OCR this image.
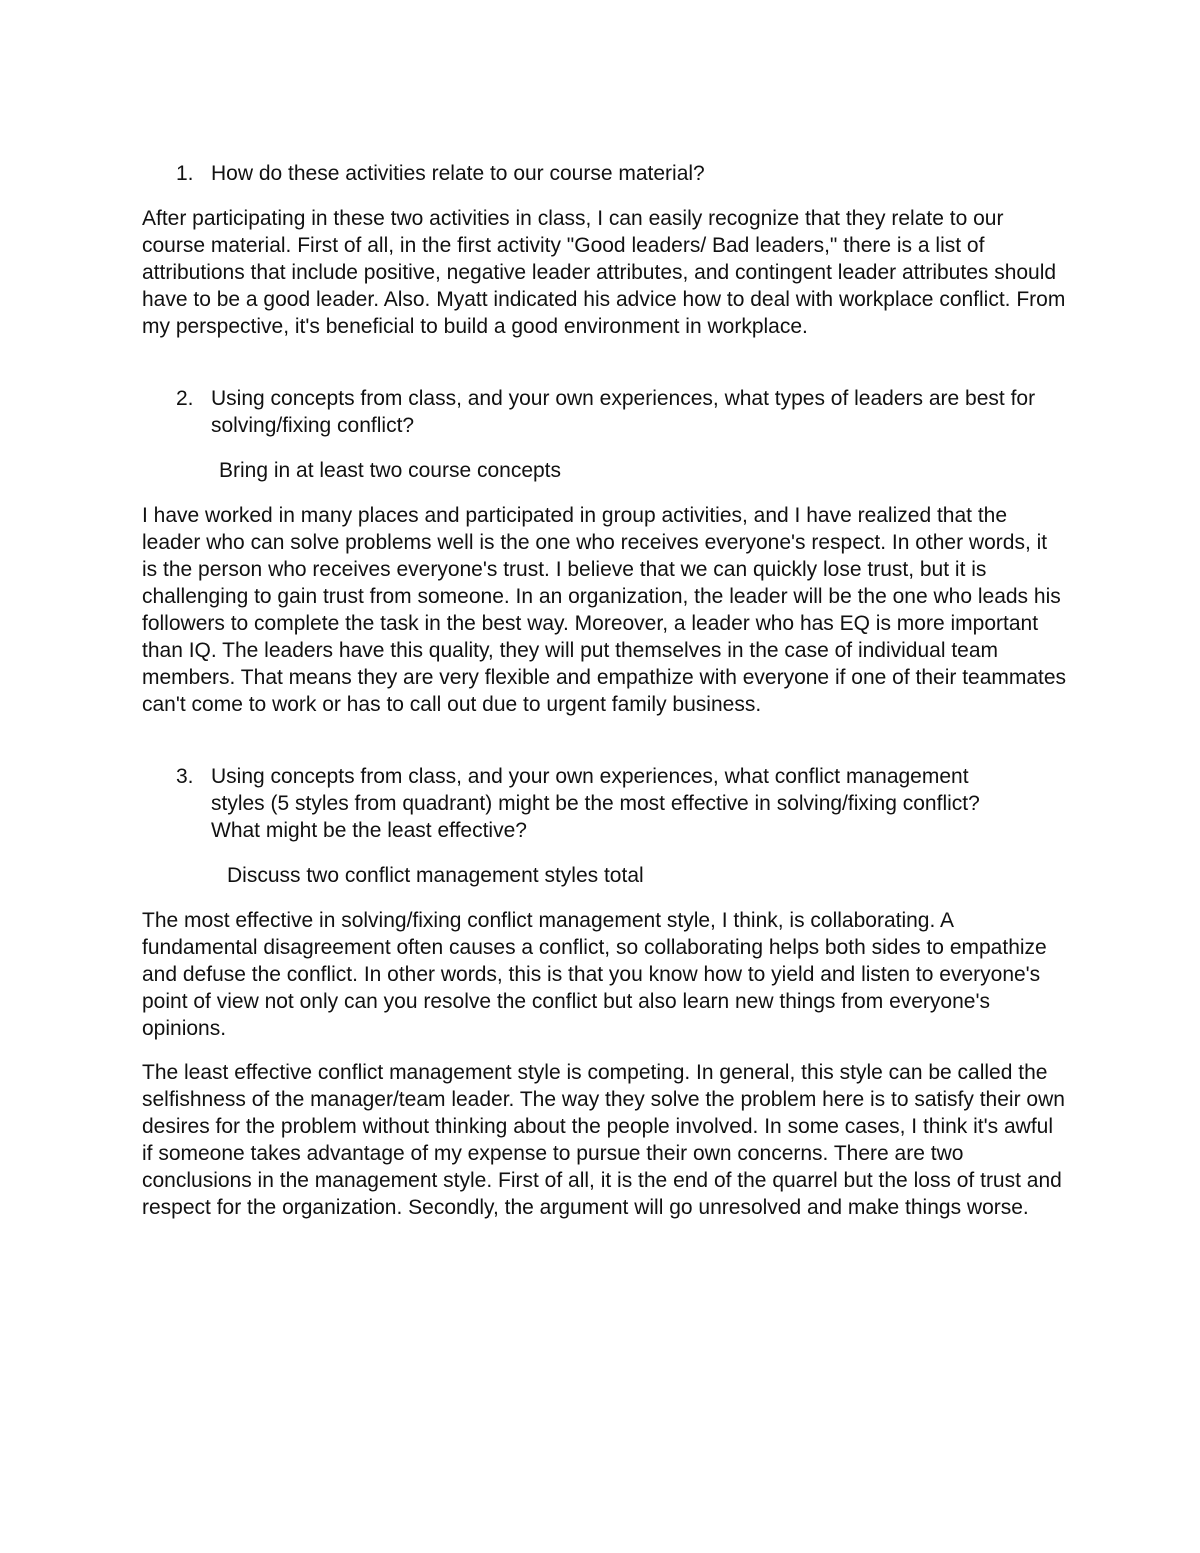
1. How do these activities relate to our course material?
After participating in these two activities in class, I can easily recognize that they relate to our course material. First of all, in the first activity "Good leaders/ Bad leaders," there is a list of attributions that include positive, negative leader attributes, and contingent leader attributes should have to be a good leader. Also. Myatt indicated his advice how to deal with workplace conflict. From my perspective, it's beneficial to build a good environment in workplace.
2. Using concepts from class, and your own experiences, what types of leaders are best for solving/fixing conflict?
Bring in at least two course concepts
I have worked in many places and participated in group activities, and I have realized that the leader who can solve problems well is the one who receives everyone's respect. In other words, it is the person who receives everyone's trust. I believe that we can quickly lose trust, but it is challenging to gain trust from someone. In an organization, the leader will be the one who leads his followers to complete the task in the best way. Moreover, a leader who has EQ is more important than IQ. The leaders have this quality, they will put themselves in the case of individual team members. That means they are very flexible and empathize with everyone if one of their teammates can't come to work or has to call out due to urgent family business.
3. Using concepts from class, and your own experiences, what conflict management styles (5 styles from quadrant) might be the most effective in solving/fixing conflict? What might be the least effective?
Discuss two conflict management styles total
The most effective in solving/fixing conflict management style, I think, is collaborating. A fundamental disagreement often causes a conflict, so collaborating helps both sides to empathize and defuse the conflict. In other words, this is that you know how to yield and listen to everyone's point of view not only can you resolve the conflict but also learn new things from everyone's opinions.
The least effective conflict management style is competing. In general, this style can be called the selfishness of the manager/team leader. The way they solve the problem here is to satisfy their own desires for the problem without thinking about the people involved. In some cases, I think it's awful if someone takes advantage of my expense to pursue their own concerns. There are two conclusions in the management style. First of all, it is the end of the quarrel but the loss of trust and respect for the organization. Secondly, the argument will go unresolved and make things worse.
